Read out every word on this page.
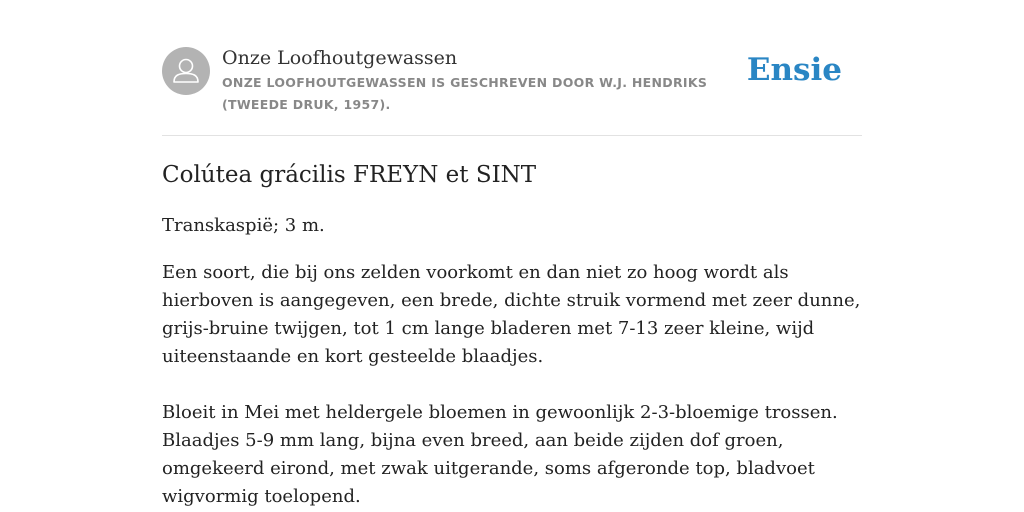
Onze Loofhoutgewassen
ONZE LOOFHOUTGEWASSEN IS GESCHREVEN DOOR W.J. HENDRIKS (TWEEDE DRUK, 1957).
Ensie
Colútea grácilis FREYN et SINT

Transkaspië; 3 m.

Een soort, die bij ons zelden voorkomt en dan niet zo hoog wordt als hierboven is aangegeven, een brede, dichte struik vormend met zeer dunne, grijs-bruine twijgen, tot 1 cm lange bladeren met 7-13 zeer kleine, wijd uiteenstaande en kort gesteelde blaadjes.

Bloeit in Mei met heldergele bloemen in gewoonlijk 2-3-bloemige trossen. Blaadjes 5-9 mm lang, bijna even breed, aan beide zijden dof groen, omgekeerd eirond, met zwak uitgerande, soms afgeronde top, bladvoet wigvormig toelopend.
